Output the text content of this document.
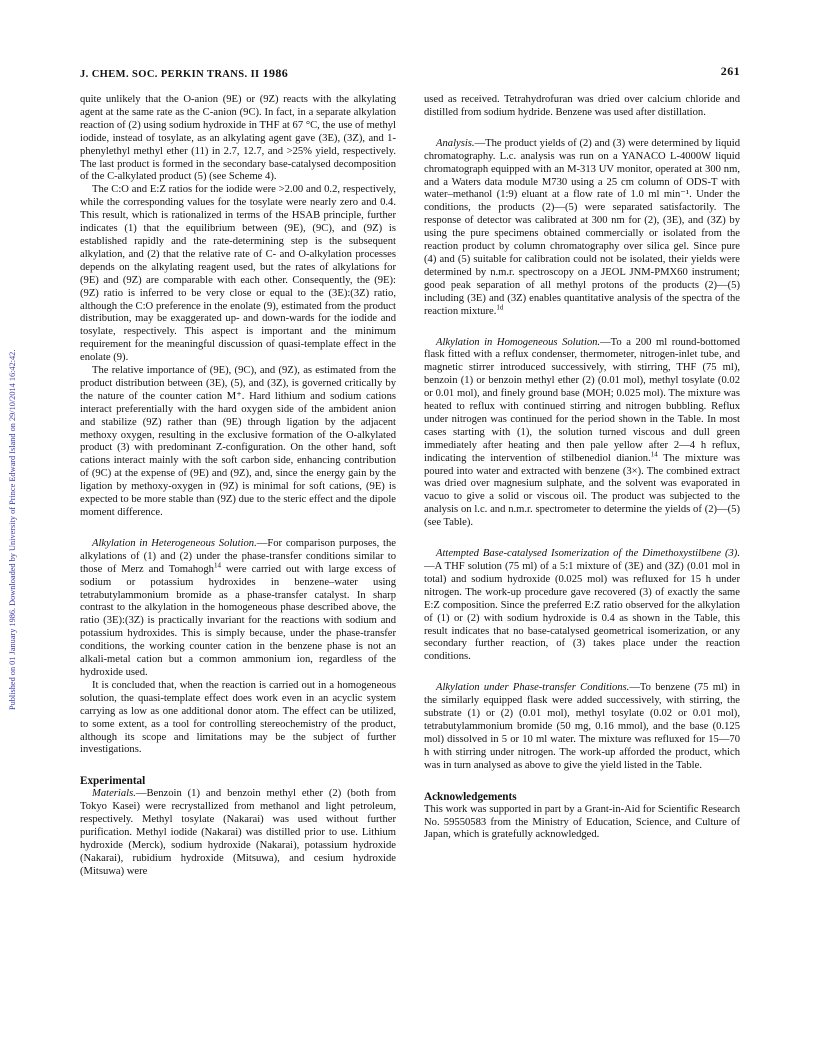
Published on 01 January 1986. Downloaded by University of Prince Edward Island on 29/10/2014 16:42:42.
J. CHEM. SOC. PERKIN TRANS. II 1986	261

quite unlikely that the O-anion (9E) or (9Z) reacts with the alkylating agent at the same rate as the C-anion (9C). In fact, in a separate alkylation reaction of (2) using sodium hydroxide in THF at 67 °C, the use of methyl iodide, instead of tosylate, as an alkylating agent gave (3E), (3Z), and 1-phenylethyl methyl ether (11) in 2.7, 12.7, and >25% yield, respectively. The last product is formed in the secondary base-catalysed decomposition of the C-alkylated product (5) (see Scheme 4).

The C:O and E:Z ratios for the iodide were >2.00 and 0.2, respectively, while the corresponding values for the tosylate were nearly zero and 0.4. This result, which is rationalized in terms of the HSAB principle, further indicates (1) that the equilibrium between (9E), (9C), and (9Z) is established rapidly and the rate-determining step is the subsequent alkylation, and (2) that the relative rate of C- and O-alkylation processes depends on the alkylating reagent used, but the rates of alkylations for (9E) and (9Z) are comparable with each other. Consequently, the (9E):(9Z) ratio is inferred to be very close or equal to the (3E):(3Z) ratio, although the C:O preference in the enolate (9), estimated from the product distribution, may be exaggerated up- and down-wards for the iodide and tosylate, respectively. This aspect is important and the minimum requirement for the meaningful discussion of quasi-template effect in the enolate (9).

The relative importance of (9E), (9C), and (9Z), as estimated from the product distribution between (3E), (5), and (3Z), is governed critically by the nature of the counter cation M⁺. Hard lithium and sodium cations interact preferentially with the hard oxygen side of the ambident anion and stabilize (9Z) rather than (9E) through ligation by the adjacent methoxy oxygen, resulting in the exclusive formation of the O-alkylated product (3) with predominant Z-configuration. On the other hand, soft cations interact mainly with the soft carbon side, enhancing contribution of (9C) at the expense of (9E) and (9Z), and, since the energy gain by the ligation by methoxy-oxygen in (9Z) is minimal for soft cations, (9E) is expected to be more stable than (9Z) due to the steric effect and the dipole moment difference.

Alkylation in Heterogeneous Solution.—For comparison purposes, the alkylations of (1) and (2) under the phase-transfer conditions similar to those of Merz and Tomahogh$^{14}$ were carried out with large excess of sodium or potassium hydroxides in benzene–water using tetrabutylammonium bromide as a phase-transfer catalyst. In sharp contrast to the alkylation in the homogeneous phase described above, the ratio (3E):(3Z) is practically invariant for the reactions with sodium and potassium hydroxides. This is simply because, under the phase-transfer conditions, the working counter cation in the benzene phase is not an alkali-metal cation but a common ammonium ion, regardless of the hydroxide used.

It is concluded that, when the reaction is carried out in a homogeneous solution, the quasi-template effect does work even in an acyclic system carrying as low as one additional donor atom. The effect can be utilized, to some extent, as a tool for controlling stereochemistry of the product, although its scope and limitations may be the subject of further investigations.

Experimental

Materials.—Benzoin (1) and benzoin methyl ether (2) (both from Tokyo Kasei) were recrystallized from methanol and light petroleum, respectively. Methyl tosylate (Nakarai) was used without further purification. Methyl iodide (Nakarai) was distilled prior to use. Lithium hydroxide (Merck), sodium hydroxide (Nakarai), potassium hydroxide (Nakarai), rubidium hydroxide (Mitsuwa), and cesium hydroxide (Mitsuwa) were

used as received. Tetrahydrofuran was dried over calcium chloride and distilled from sodium hydride. Benzene was used after distillation.

Analysis.—The product yields of (2) and (3) were determined by liquid chromatography. L.c. analysis was run on a YANACO L-4000W liquid chromatograph equipped with an M-313 UV monitor, operated at 300 nm, and a Waters data module M730 using a 25 cm column of ODS-T with water–methanol (1:9) eluant at a flow rate of 1.0 ml min⁻¹. Under the conditions, the products (2)—(5) were separated satisfactorily. The response of detector was calibrated at 300 nm for (2), (3E), and (3Z) by using the pure specimens obtained commercially or isolated from the reaction product by column chromatography over silica gel. Since pure (4) and (5) suitable for calibration could not be isolated, their yields were determined by n.m.r. spectroscopy on a JEOL JNM-PMX60 instrument; good peak separation of all methyl protons of the products (2)—(5) including (3E) and (3Z) enables quantitative analysis of the spectra of the reaction mixture.$^{1d}$

Alkylation in Homogeneous Solution.—To a 200 ml round-bottomed flask fitted with a reflux condenser, thermometer, nitrogen-inlet tube, and magnetic stirrer introduced successively, with stirring, THF (75 ml), benzoin (1) or benzoin methyl ether (2) (0.01 mol), methyl tosylate (0.02 or 0.01 mol), and finely ground base (MOH; 0.025 mol). The mixture was heated to reflux with continued stirring and nitrogen bubbling. Reflux under nitrogen was continued for the period shown in the Table. In most cases starting with (1), the solution turned viscous and dull green immediately after heating and then pale yellow after 2—4 h reflux, indicating the intervention of stilbenediol dianion.$^{14}$ The mixture was poured into water and extracted with benzene (3×). The combined extract was dried over magnesium sulphate, and the solvent was evaporated in vacuo to give a solid or viscous oil. The product was subjected to the analysis on l.c. and n.m.r. spectrometer to determine the yields of (2)—(5) (see Table).

Attempted Base-catalysed Isomerization of the Dimethoxystilbene (3).—A THF solution (75 ml) of a 5:1 mixture of (3E) and (3Z) (0.01 mol in total) and sodium hydroxide (0.025 mol) was refluxed for 15 h under nitrogen. The work-up procedure gave recovered (3) of exactly the same E:Z composition. Since the preferred E:Z ratio observed for the alkylation of (1) or (2) with sodium hydroxide is 0.4 as shown in the Table, this result indicates that no base-catalysed geometrical isomerization, or any secondary further reaction, of (3) takes place under the reaction conditions.

Alkylation under Phase-transfer Conditions.—To benzene (75 ml) in the similarly equipped flask were added successively, with stirring, the substrate (1) or (2) (0.01 mol), methyl tosylate (0.02 or 0.01 mol), tetrabutylammonium bromide (50 mg, 0.16 mmol), and the base (0.125 mol) dissolved in 5 or 10 ml water. The mixture was refluxed for 15—70 h with stirring under nitrogen. The work-up afforded the product, which was in turn analysed as above to give the yield listed in the Table.

Acknowledgements

This work was supported in part by a Grant-in-Aid for Scientific Research No. 59550583 from the Ministry of Education, Science, and Culture of Japan, which is gratefully acknowledged.
